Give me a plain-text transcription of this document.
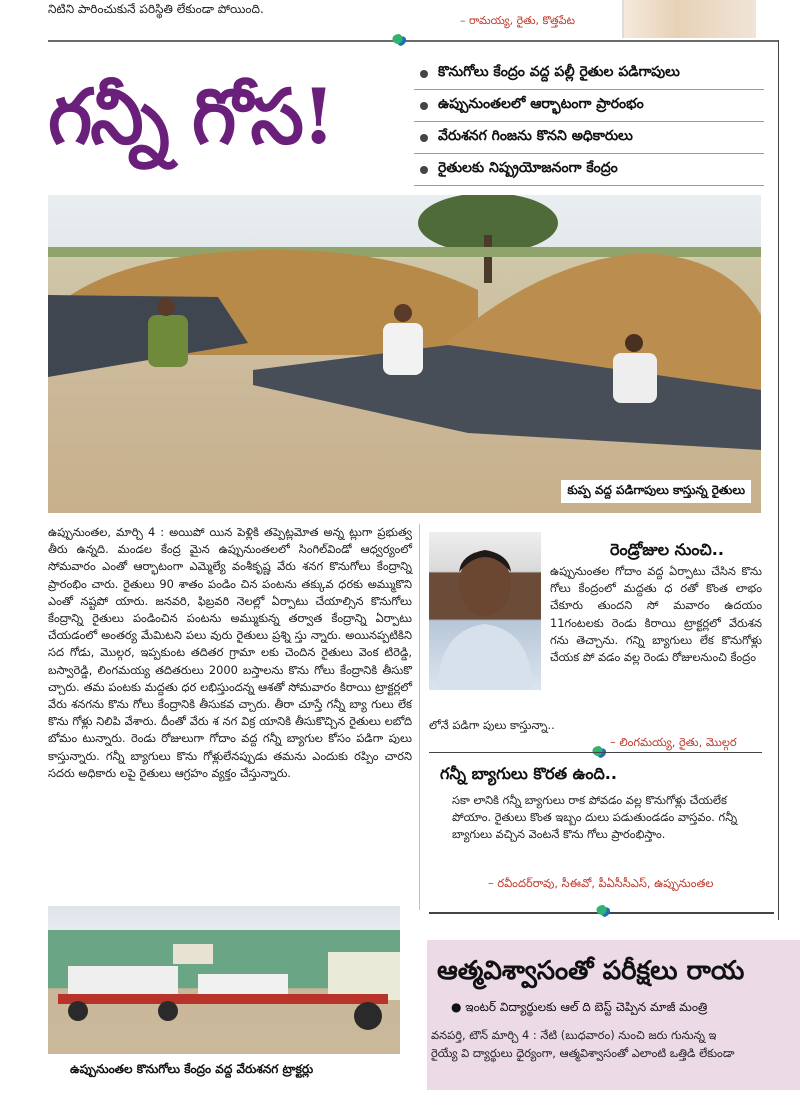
నిటిని పారించుకునే పరిస్థితి లేకుండా పోయింది.
– రామయ్య, రైతు, కొత్తపేట
గన్నీ గోస!	కొనుగోలు కేంద్రం వద్ద పల్లీ రైతుల పడిగాపులు
ఉప్పునుంతలలో ఆర్భాటంగా ప్రారంభం
వేరుశనగ గింజను కొనని అధికారులు
రైతులకు నిష్ప్రయోజనంగా కేంద్రం
కుప్ప వద్ద పడిగాపులు కాస్తున్న రైతులు

ఉప్పునుంతల, మార్చి 4 : అయిపో యిన పెళ్లికి తప్పెట్లమోత అన్న ట్లుగా ప్రభుత్వ తీరు ఉన్నది. మండల కేంద్ర మైన ఉప్పునుంతలలో సింగిల్‌విండో ఆధ్వర్యంలో సోమవారం ఎంతో ఆర్భాటంగా ఎమ్మెల్యే వంశీకృష్ణ వేరు శనగ కొనుగోలు కేంద్రాన్ని ప్రారంభిం చారు. రైతులు 90 శాతం పండిం చిన పంటను తక్కువ ధరకు అమ్ముకొని ఎంతో నష్టపో యారు. జనవరి, ఫిబ్రవరి నెలల్లో ఏర్పాటు చేయాల్సిన కొనుగోలు కేంద్రాన్ని రైతులు పండించిన పంటను అమ్ముకున్న తర్వాత కేంద్రాన్ని ఏర్పాటు చేయడంలో అంతర్య మేమిటని పలు వురు రైతులు ప్రశ్ని స్తు న్నారు. అయినప్పటికిని సద గోడు, మొల్గర, ఇప్పకుంట తదితర గ్రామా లకు చెందిన రైతులు వెంక టిరెడ్డి, బస్వారెడ్డి, లింగమయ్య తదితరులు 2000 బస్తాలను కొను గోలు కేంద్రానికి తీసుకొ చ్చారు. తమ పంటకు మద్దతు ధర లభిస్తుందన్న ఆశతో సోమవారం కిరాయి ట్రాక్టర్లలో వేరు శనగను కొను గోలు కేంద్రానికి తీసుకవ చ్చారు. తీరా చూస్తే గన్నీ బ్యా గులు లేక కొను గోళ్లు నిలిపి వేశారు. దీంతో వేరు శ నగ విక్ర యానికి తీసుకొచ్చిన రైతులు లబోది బోమం టున్నారు. రెండు రోజులుగా గోదాం వద్ద గన్నీ బ్యాగుల కోసం పడిగా పులు కాస్తున్నారు. గన్నీ బ్యాగులు కొను గోళ్లులేనప్పుడు తమను ఎందుకు రప్పిం చారని సదరు అధికారు లపై రైతులు ఆగ్రహం వ్యక్తం చేస్తున్నారు.

రెండ్రోజుల నుంచి..
ఉప్పునుంతల గోదాం వద్ద ఏర్పాటు చేసిన కొను గోలు కేంద్రంలో మద్దతు ధ రతో కొంత లాభం చేకూరు తుందని సో మవారం ఉదయం 11గంటలకు రెండు కిరాయి ట్రాక్టర్లలో వేరుశన గను తెచ్చాను. గన్ని బ్యాగులు లేక కొనుగోళ్లు చేయక పో వడం వల్ల రెండు రోజులనుంచి కేంద్రం
లోనే పడిగా పులు కాస్తున్నా..
– లింగమయ్య, రైతు, మొల్గర
గన్నీ బ్యాగులు కొరత ఉంది..
సకా లానికి గన్నీ బ్యాగులు రాక పోవడం వల్ల కొనుగోళ్లు చేయలేక పోయాం. రైతులు కొంత ఇబ్బం దులు పడుతుండడం వాస్తవం. గన్నీ బ్యాగులు వచ్చిన వెంటనే కొను గోలు ప్రారంభిస్తాం.
– రవీందర్‌రావు, సీఈవో, పీఏసీసీఎస్‌, ఉప్పునుంతల
ఉప్పునుంతల కొనుగోలు కేంద్రం వద్ద వేరుశనగ ట్రాక్టర్లు
ఆత్మవిశ్వాసంతో పరీక్షలు రాయ
● ఇంటర్‌ విద్యార్థులకు ఆల్‌ ది బెస్ట్‌ చెప్పిన మాజీ మంత్రి
వనపర్తి, టౌన్‌ మార్చి 4 : నేటి (బుధవారం) నుంచి జరు గునున్న ఇ
రైయ్యే వి ద్యార్థులు ధైర్యంగా, ఆత్మవిశ్వాసంతో ఎలాంటి ఒత్తిడి లేకుండా
